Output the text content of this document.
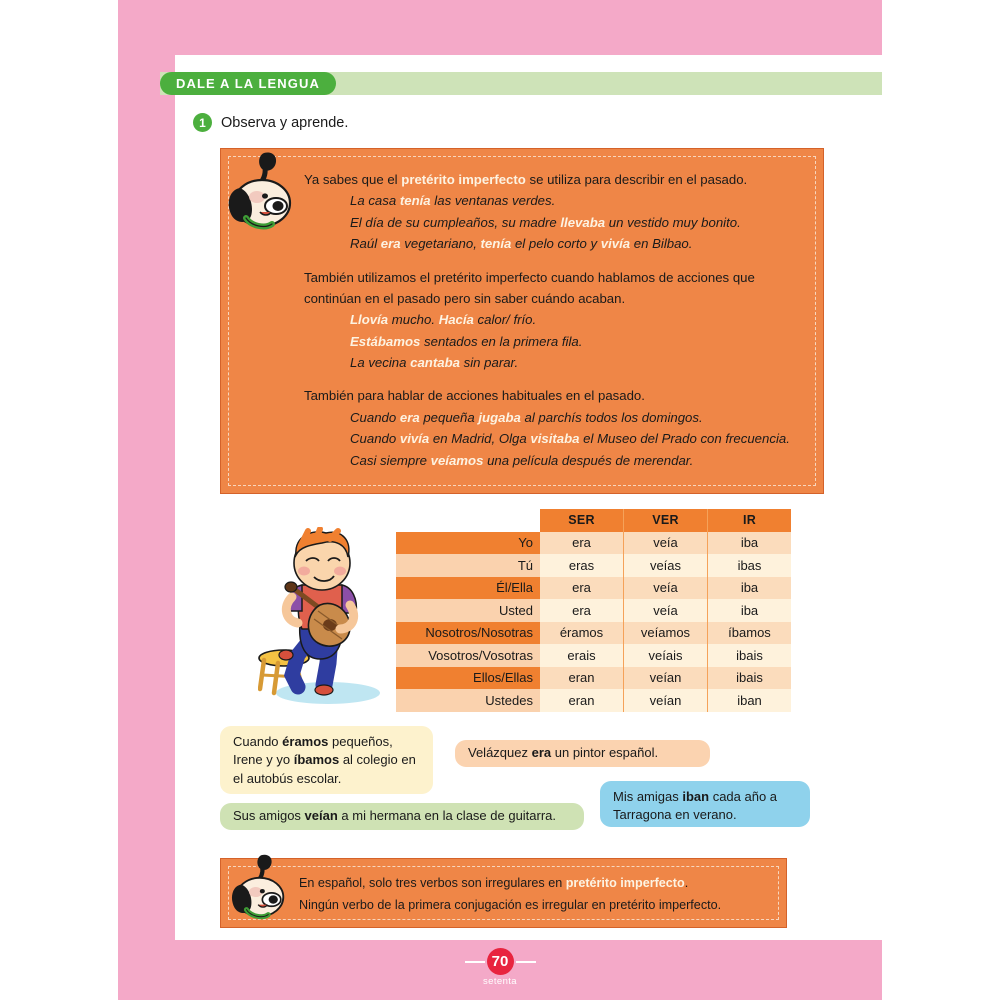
DALE A LA LENGUA
1	Observa y aprende.
Ya sabes que el pretérito imperfecto se utiliza para describir en el pasado.
La casa tenía las ventanas verdes.
El día de su cumpleaños, su madre llevaba un vestido muy bonito.
Raúl era vegetariano, tenía el pelo corto y vivía en Bilbao.
También utilizamos el pretérito imperfecto cuando hablamos de acciones que continúan en el pasado pero sin saber cuándo acaban.
Llovía mucho. Hacía calor/ frío.
Estábamos sentados en la primera fila.
La vecina cantaba sin parar.
También para hablar de acciones habituales en el pasado.
Cuando era pequeña jugaba al parchís todos los domingos.
Cuando vivía en Madrid, Olga visitaba el Museo del Prado con frecuencia.
Casi siempre veíamos una película después de merendar.
	SER	VER	IR
Yo	era	veía	iba
Tú	eras	veías	ibas
Él/Ella	era	veía	iba
Usted	era	veía	iba
Nosotros/Nosotras	éramos	veíamos	íbamos
Vosotros/Vosotras	erais	veíais	ibais
Ellos/Ellas	eran	veían	ibais
Ustedes	eran	veían	iban
Cuando éramos pequeños, Irene y yo íbamos al colegio en el autobús escolar.
Velázquez era un pintor español.
Mis amigas iban cada año a Tarragona en verano.
Sus amigos veían a mi hermana en la clase de guitarra.
En español, solo tres verbos son irregulares en pretérito imperfecto.
Ningún verbo de la primera conjugación es irregular en pretérito imperfecto.
70
setenta
